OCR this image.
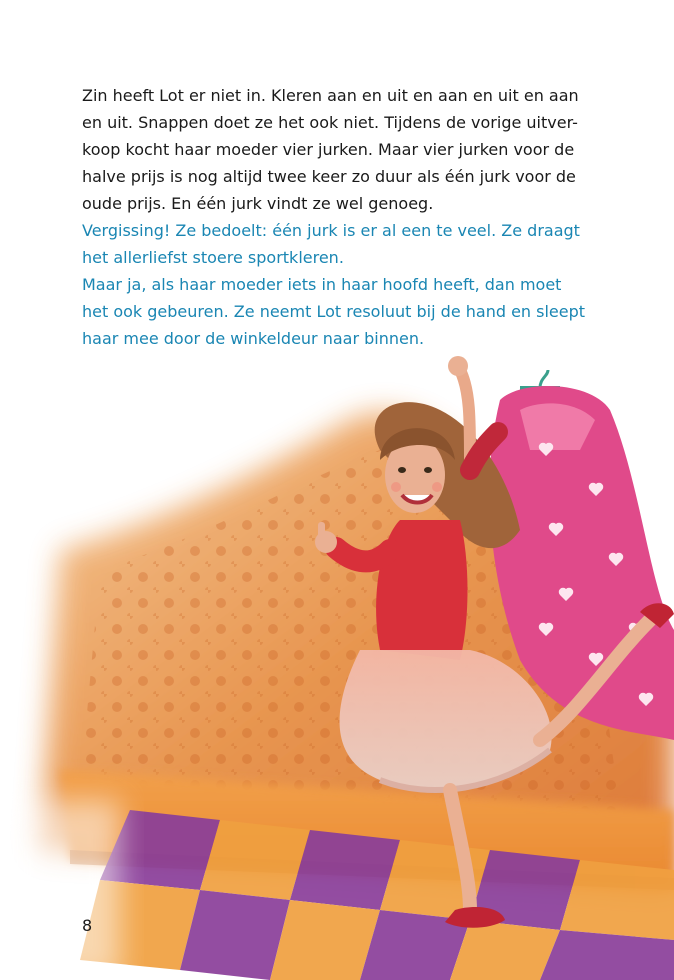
Zin heeft Lot er niet in. Kleren aan en uit en aan en uit en aan
en uit. Snappen doet ze het ook niet. Tijdens de vorige uitver-
koop kocht haar moeder vier jurken. Maar vier jurken voor de
halve prijs is nog altijd twee keer zo duur als één jurk voor de
oude prijs. En één jurk vindt ze wel genoeg.
Vergissing! Ze bedoelt: één jurk is er al een te veel. Ze draagt
het allerliefst stoere sportkleren.
Maar ja, als haar moeder iets in haar hoofd heeft, dan moet
het ook gebeuren. Ze neemt Lot resoluut bij de hand en sleept
haar mee door de winkeldeur naar binnen.
8
